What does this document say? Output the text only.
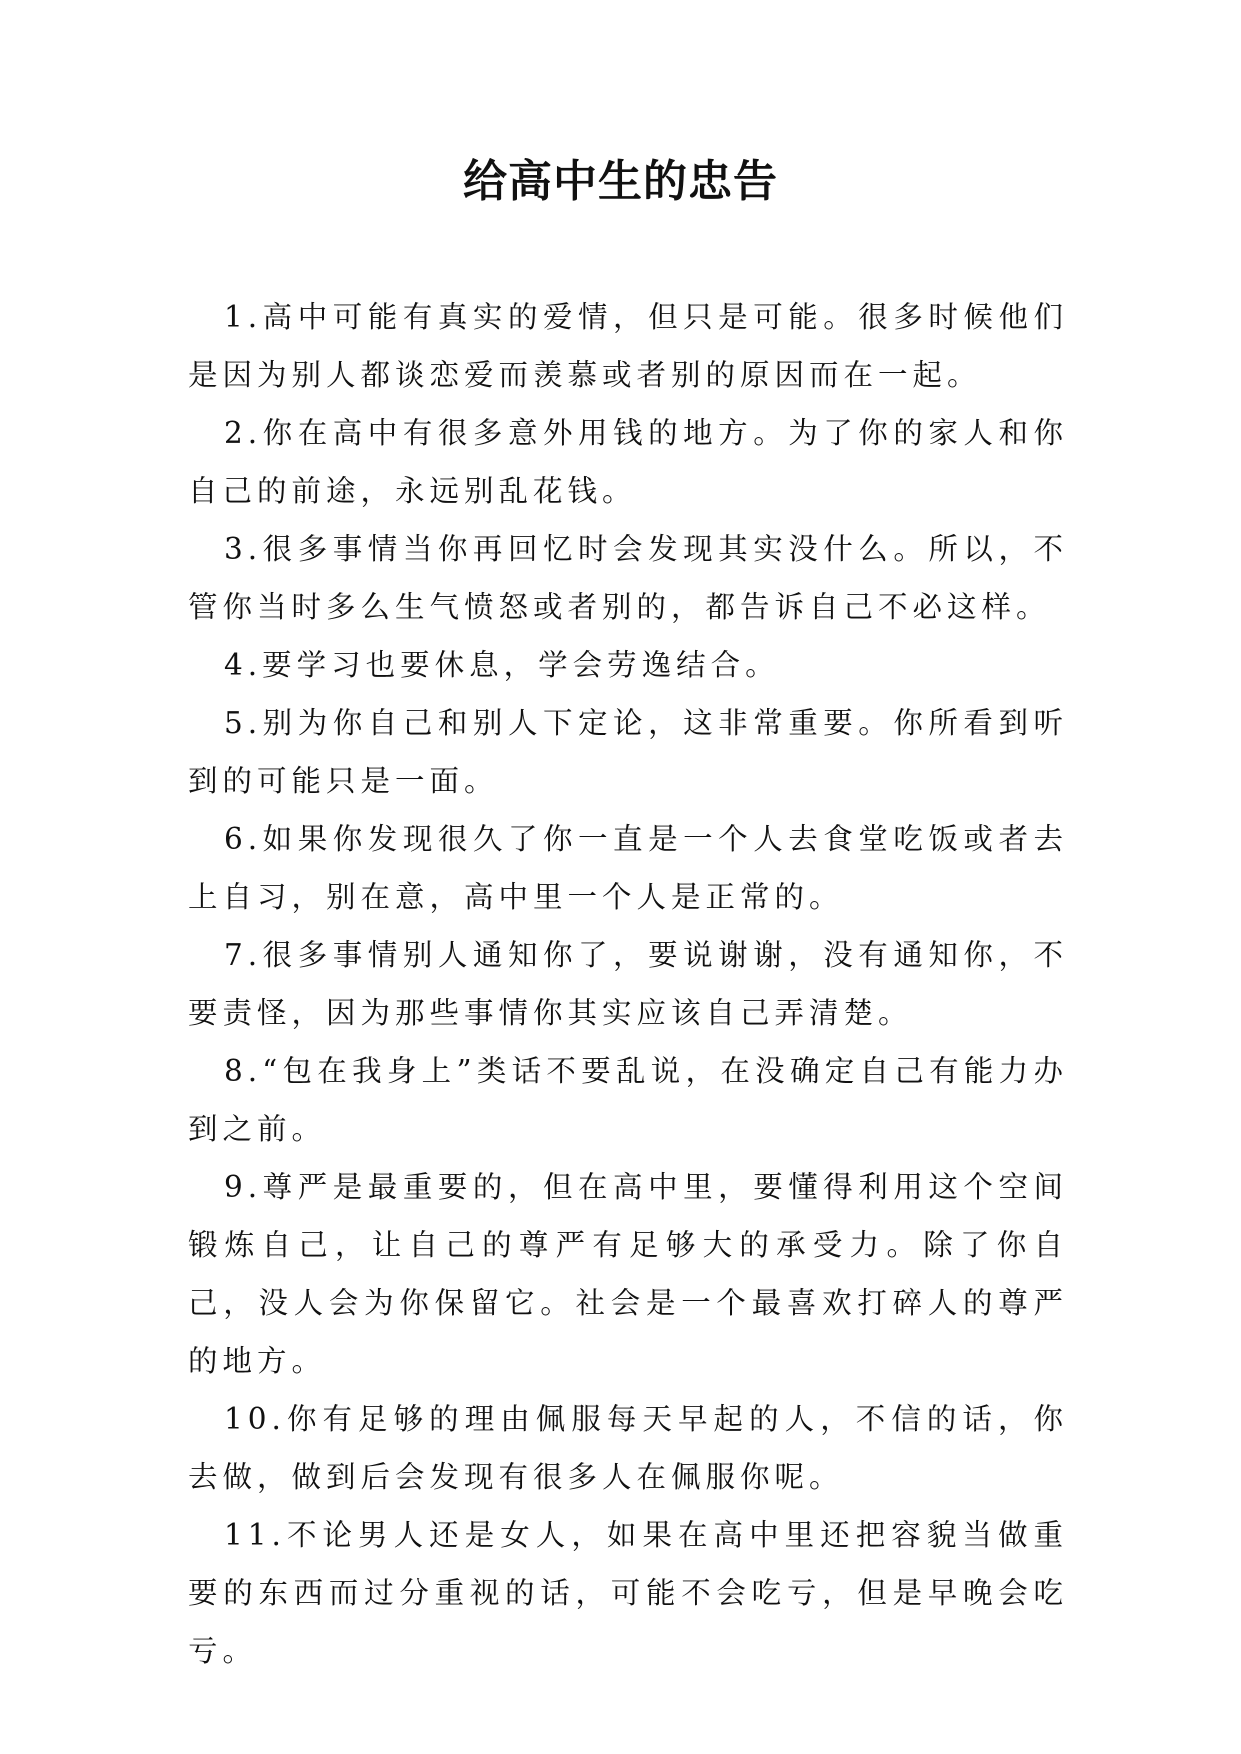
给高中生的忠告

1.高中可能有真实的爱情，但只是可能。很多时候他们是因为别人都谈恋爱而羡慕或者别的原因而在一起。

2.你在高中有很多意外用钱的地方。为了你的家人和你自己的前途，永远别乱花钱。

3.很多事情当你再回忆时会发现其实没什么。所以，不管你当时多么生气愤怒或者别的，都告诉自己不必这样。

4.要学习也要休息，学会劳逸结合。

5.别为你自己和别人下定论，这非常重要。你所看到听到的可能只是一面。

6.如果你发现很久了你一直是一个人去食堂吃饭或者去上自习，别在意，高中里一个人是正常的。

7.很多事情别人通知你了，要说谢谢，没有通知你，不要责怪，因为那些事情你其实应该自己弄清楚。

8.“包在我身上”类话不要乱说，在没确定自己有能力办到之前。

9.尊严是最重要的，但在高中里，要懂得利用这个空间锻炼自己，让自己的尊严有足够大的承受力。除了你自己，没人会为你保留它。社会是一个最喜欢打碎人的尊严的地方。

10.你有足够的理由佩服每天早起的人，不信的话，你去做，做到后会发现有很多人在佩服你呢。

11.不论男人还是女人，如果在高中里还把容貌当做重要的东西而过分重视的话，可能不会吃亏，但是早晚会吃亏。
